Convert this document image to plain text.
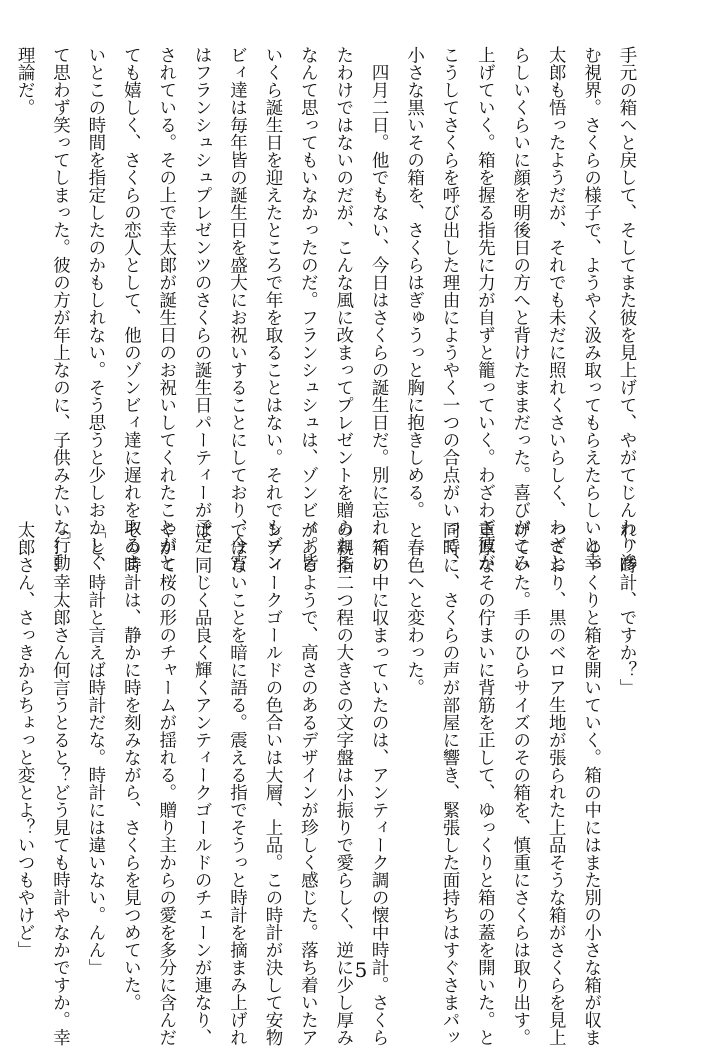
手元の箱へと戻して、そしてまた彼を見上げて、やがてじんわり滲
む視界。さくらの様子で、ようやく汲み取ってもらえたらしいと幸
太郎も悟ったようだが、それでも未だに照れくさいらしく、わざと
らしいくらいに顔を明後日の方へと背けたままだった。喜びがこみ
上げていく。箱を握る指先に力が自ずと籠っていく。わざわざ彼が
こうしてさくらを呼び出した理由にようやく一つの合点がいって、
小さな黒いその箱を、さくらはぎゅうっと胸に抱きしめる。
　四月二日。他でもない、今日はさくらの誕生日だ。別に忘れてい
たわけではないのだが、こんな風に改まってプレゼントを贈られる
なんて思ってもいなかったのだ。フランシュシュは、ゾンビィ。皆
いくら誕生日を迎えたところで年を取ることはない。それでもゾン
ビィ達は毎年皆の誕生日を盛大にお祝いすることにしており、今宵
はフランシュシュプレゼンツのさくらの誕生日パーティーが予定
されている。その上で幸太郎が誕生日のお祝いしてくれたことがと
ても嬉しく、さくらの恋人として、他のゾンビィ達に遅れを取るま
いとこの時間を指定したのかもしれない。そう思うと少しおかしく
て思わず笑ってしまった。彼の方が年上なのに、子供みたいな行動
理論だ。
れ、時計、ですか？」
　ゆっくりと箱を開いていく。箱の中にはまた別の小さな箱が収ま
っており、黒のベロア生地が張られた上品そうな箱がさくらを見上
げていた。手のひらサイズのその箱を、慎重にさくらは取り出す。
重厚なその佇まいに背筋を正して、ゆっくりと箱の蓋を開いた。と
同時に、さくらの声が部屋に響き、緊張した面持ちはすぐさまパッ
と春色へと変わった。
　箱の中に収まっていたのは、アンティーク調の懐中時計。さくら
の親指二つ程の大きさの文字盤は小振りで愛らしく、逆に少し厚み
があるようで、高さのあるデザインが珍しく感じた。落ち着いたア
ンティークゴールドの色合いは大層、上品。この時計が決して安物
ではないことを暗に語る。震える指でそうっと時計を摘まみ上げれ
ば、同じく品良く輝くアンティークゴールドのチェーンが連なり、
やがて桜の形のチャームが揺れる。贈り主からの愛を多分に含んだ
その時計は、静かに時を刻みながら、さくらを見つめていた。
「と、時計と言えば時計だな。時計には違いない。んん」
「……幸太郎さん何言うとると？どう見ても時計やなかですか。幸
太郎さん、さっきからちょっと変とよ？いつもやけど」
5
